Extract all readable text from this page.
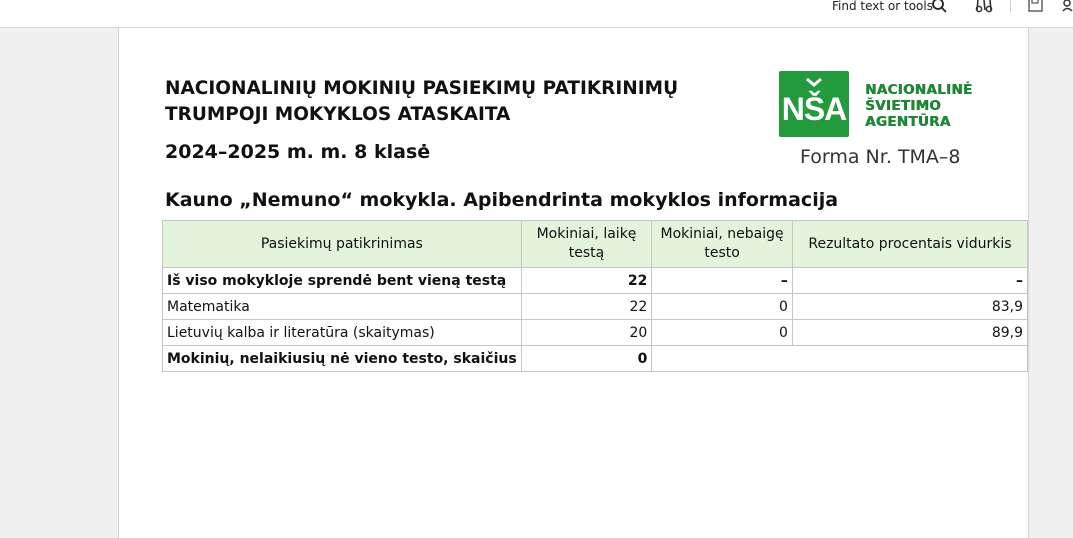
Find text or tools
NACIONALINIŲ MOKINIŲ PASIEKIMŲ PATIKRINIMŲ
TRUMPOJI MOKYKLOS ATASKAITA
2024–2025 m. m. 8 klasė
NŠA
NACIONALINĖ
ŠVIETIMO
AGENTŪRA
Forma Nr. TMA–8
Kauno „Nemuno“ mokykla. Apibendrinta mokyklos informacija
Pasiekimų patikrinimas	Mokiniai, laikę testą	Mokiniai, nebaigę testo	Rezultato procentais vidurkis
Iš viso mokykloje sprendė bent vieną testą	22	–	–
Matematika	22	0	83,9
Lietuvių kalba ir literatūra (skaitymas)	20	0	89,9
Mokinių, nelaikiusių nė vieno testo, skaičius	0		
